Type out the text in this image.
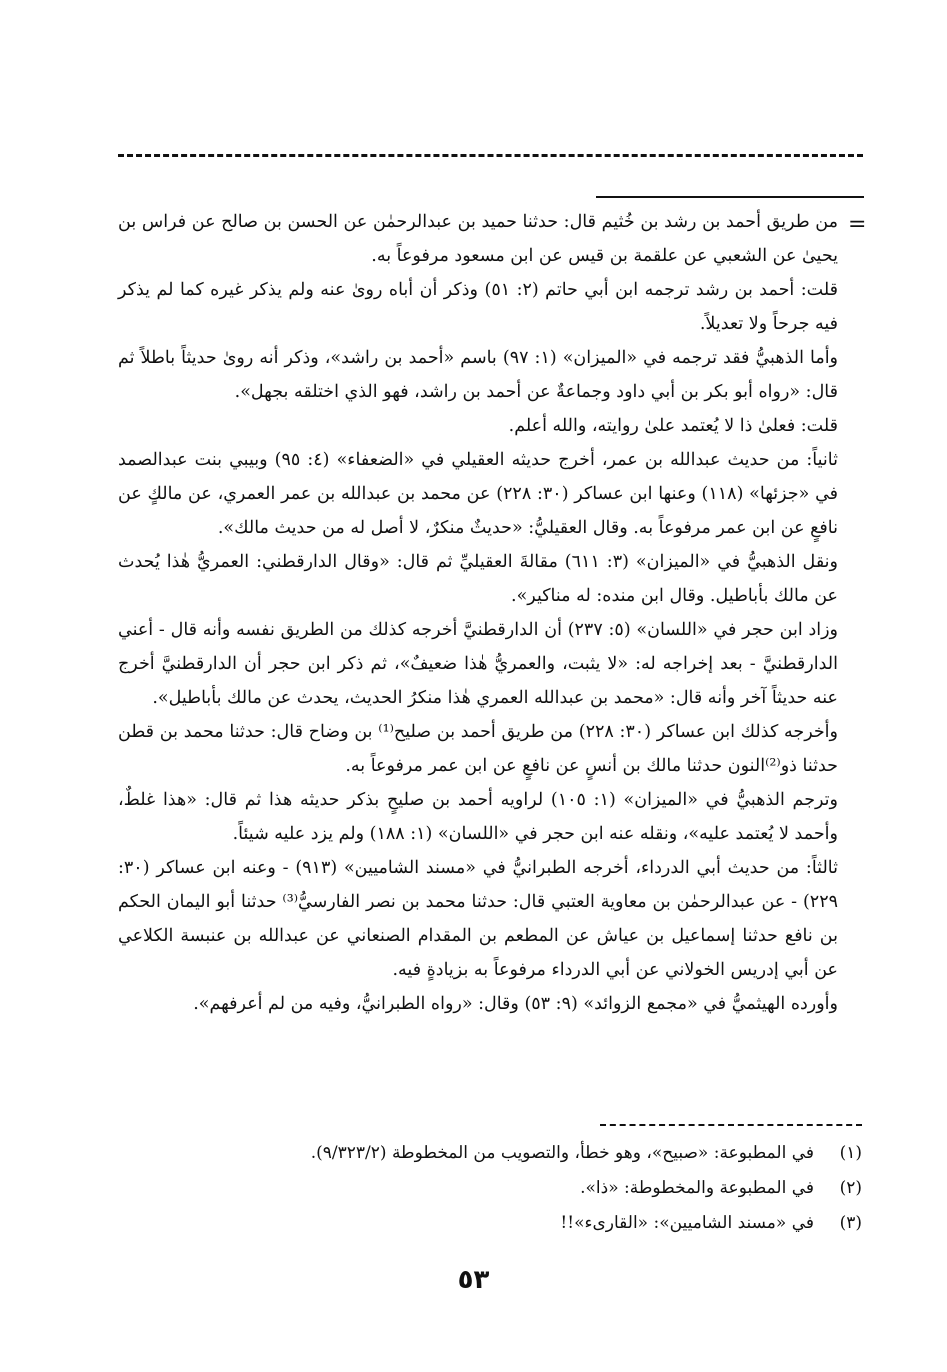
=

من طريق أحمد بن رشد بن خُثيم قال: حدثنا حميد بن عبدالرحمٰن عن الحسن بن صالح عن فراس بن يحيىٰ عن الشعبي عن علقمة بن قيس عن ابن مسعود مرفوعاً به.

قلت: أحمد بن رشد ترجمه ابن أبي حاتم (٢: ٥١) وذكر أن أباه روىٰ عنه ولم يذكر غيره كما لم يذكر فيه جرحاً ولا تعديلاً.

وأما الذهبيُّ فقد ترجمه في «الميزان» (١: ٩٧) باسم «أحمد بن راشد»، وذكر أنه روىٰ حديثاً باطلاً ثم قال: «رواه أبو بكر بن أبي داود وجماعةٌ عن أحمد بن راشد، فهو الذي اختلقه بجهل».

قلت: فعلىٰ ذا لا يُعتمد علىٰ روايته، والله أعلم.

ثانياً: من حديث عبدالله بن عمر، أخرج حديثه العقيلي في «الضعفاء» (٤: ٩٥) وبيبي بنت عبدالصمد في «جزئها» (١١٨) وعنها ابن عساكر (٣٠: ٢٢٨) عن محمد بن عبدالله بن عمر العمري، عن مالكٍ عن نافعٍ عن ابن عمر مرفوعاً به. وقال العقيليُّ: «حديثٌ منكرٌ، لا أصل له من حديث مالك».

ونقل الذهبيُّ في «الميزان» (٣: ٦١١) مقالةَ العقيليِّ ثم قال: «وقال الدارقطني: العمريُّ هٰذا يُحدث عن مالك بأباطيل. وقال ابن منده: له مناكير».

وزاد ابن حجر في «اللسان» (٥: ٢٣٧) أن الدارقطنيَّ أخرجه كذلك من الطريق نفسه وأنه قال - أعني الدارقطنيَّ - بعد إخراجه له: «لا يثبت، والعمريُّ هٰذا ضعيفٌ»، ثم ذكر ابن حجر أن الدارقطنيَّ أخرج عنه حديثاً آخر وأنه قال: «محمد بن عبدالله العمري هٰذا منكرُ الحديث، يحدث عن مالك بأباطيل».

وأخرجه كذلك ابن عساكر (٣٠: ٢٢٨) من طريق أحمد بن صليح⁽¹⁾ بن وضاح قال: حدثنا محمد بن قطن حدثنا ذو⁽²⁾النون حدثنا مالك بن أنسٍ عن نافعٍ عن ابن عمر مرفوعاً به.

وترجم الذهبيُّ في «الميزان» (١: ١٠٥) لراويه أحمد بن صليحٍ بذكر حديثه هذا ثم قال: «هذا غلطٌ، وأحمد لا يُعتمد عليه»، ونقله عنه ابن حجر في «اللسان» (١: ١٨٨) ولم يزد عليه شيئاً.

ثالثاً: من حديث أبي الدرداء، أخرجه الطبرانيُّ في «مسند الشاميين» (٩١٣) - وعنه ابن عساكر (٣٠: ٢٢٩) - عن عبدالرحمٰن بن معاوية العتبي قال: حدثنا محمد بن نصر الفارسيُّ⁽³⁾ حدثنا أبو اليمان الحكم بن نافع حدثنا إسماعيل بن عياش عن المطعم بن المقدام الصنعاني عن عبدالله بن عنبسة الكلاعي عن أبي إدريس الخولاني عن أبي الدرداء مرفوعاً به بزيادةٍ فيه.

وأورده الهيثميُّ في «مجمع الزوائد» (٩: ٥٣) وقال: «رواه الطبرانيُّ، وفيه من لم أعرفهم».

(١)
في المطبوعة: «صبيح»، وهو خطأ، والتصويب من المخطوطة (٩/٣٢٣/٢).
(٢)
في المطبوعة والمخطوطة: «ذا».
(٣)
في «مسند الشاميين»: «القارىء»!!
٥٣
